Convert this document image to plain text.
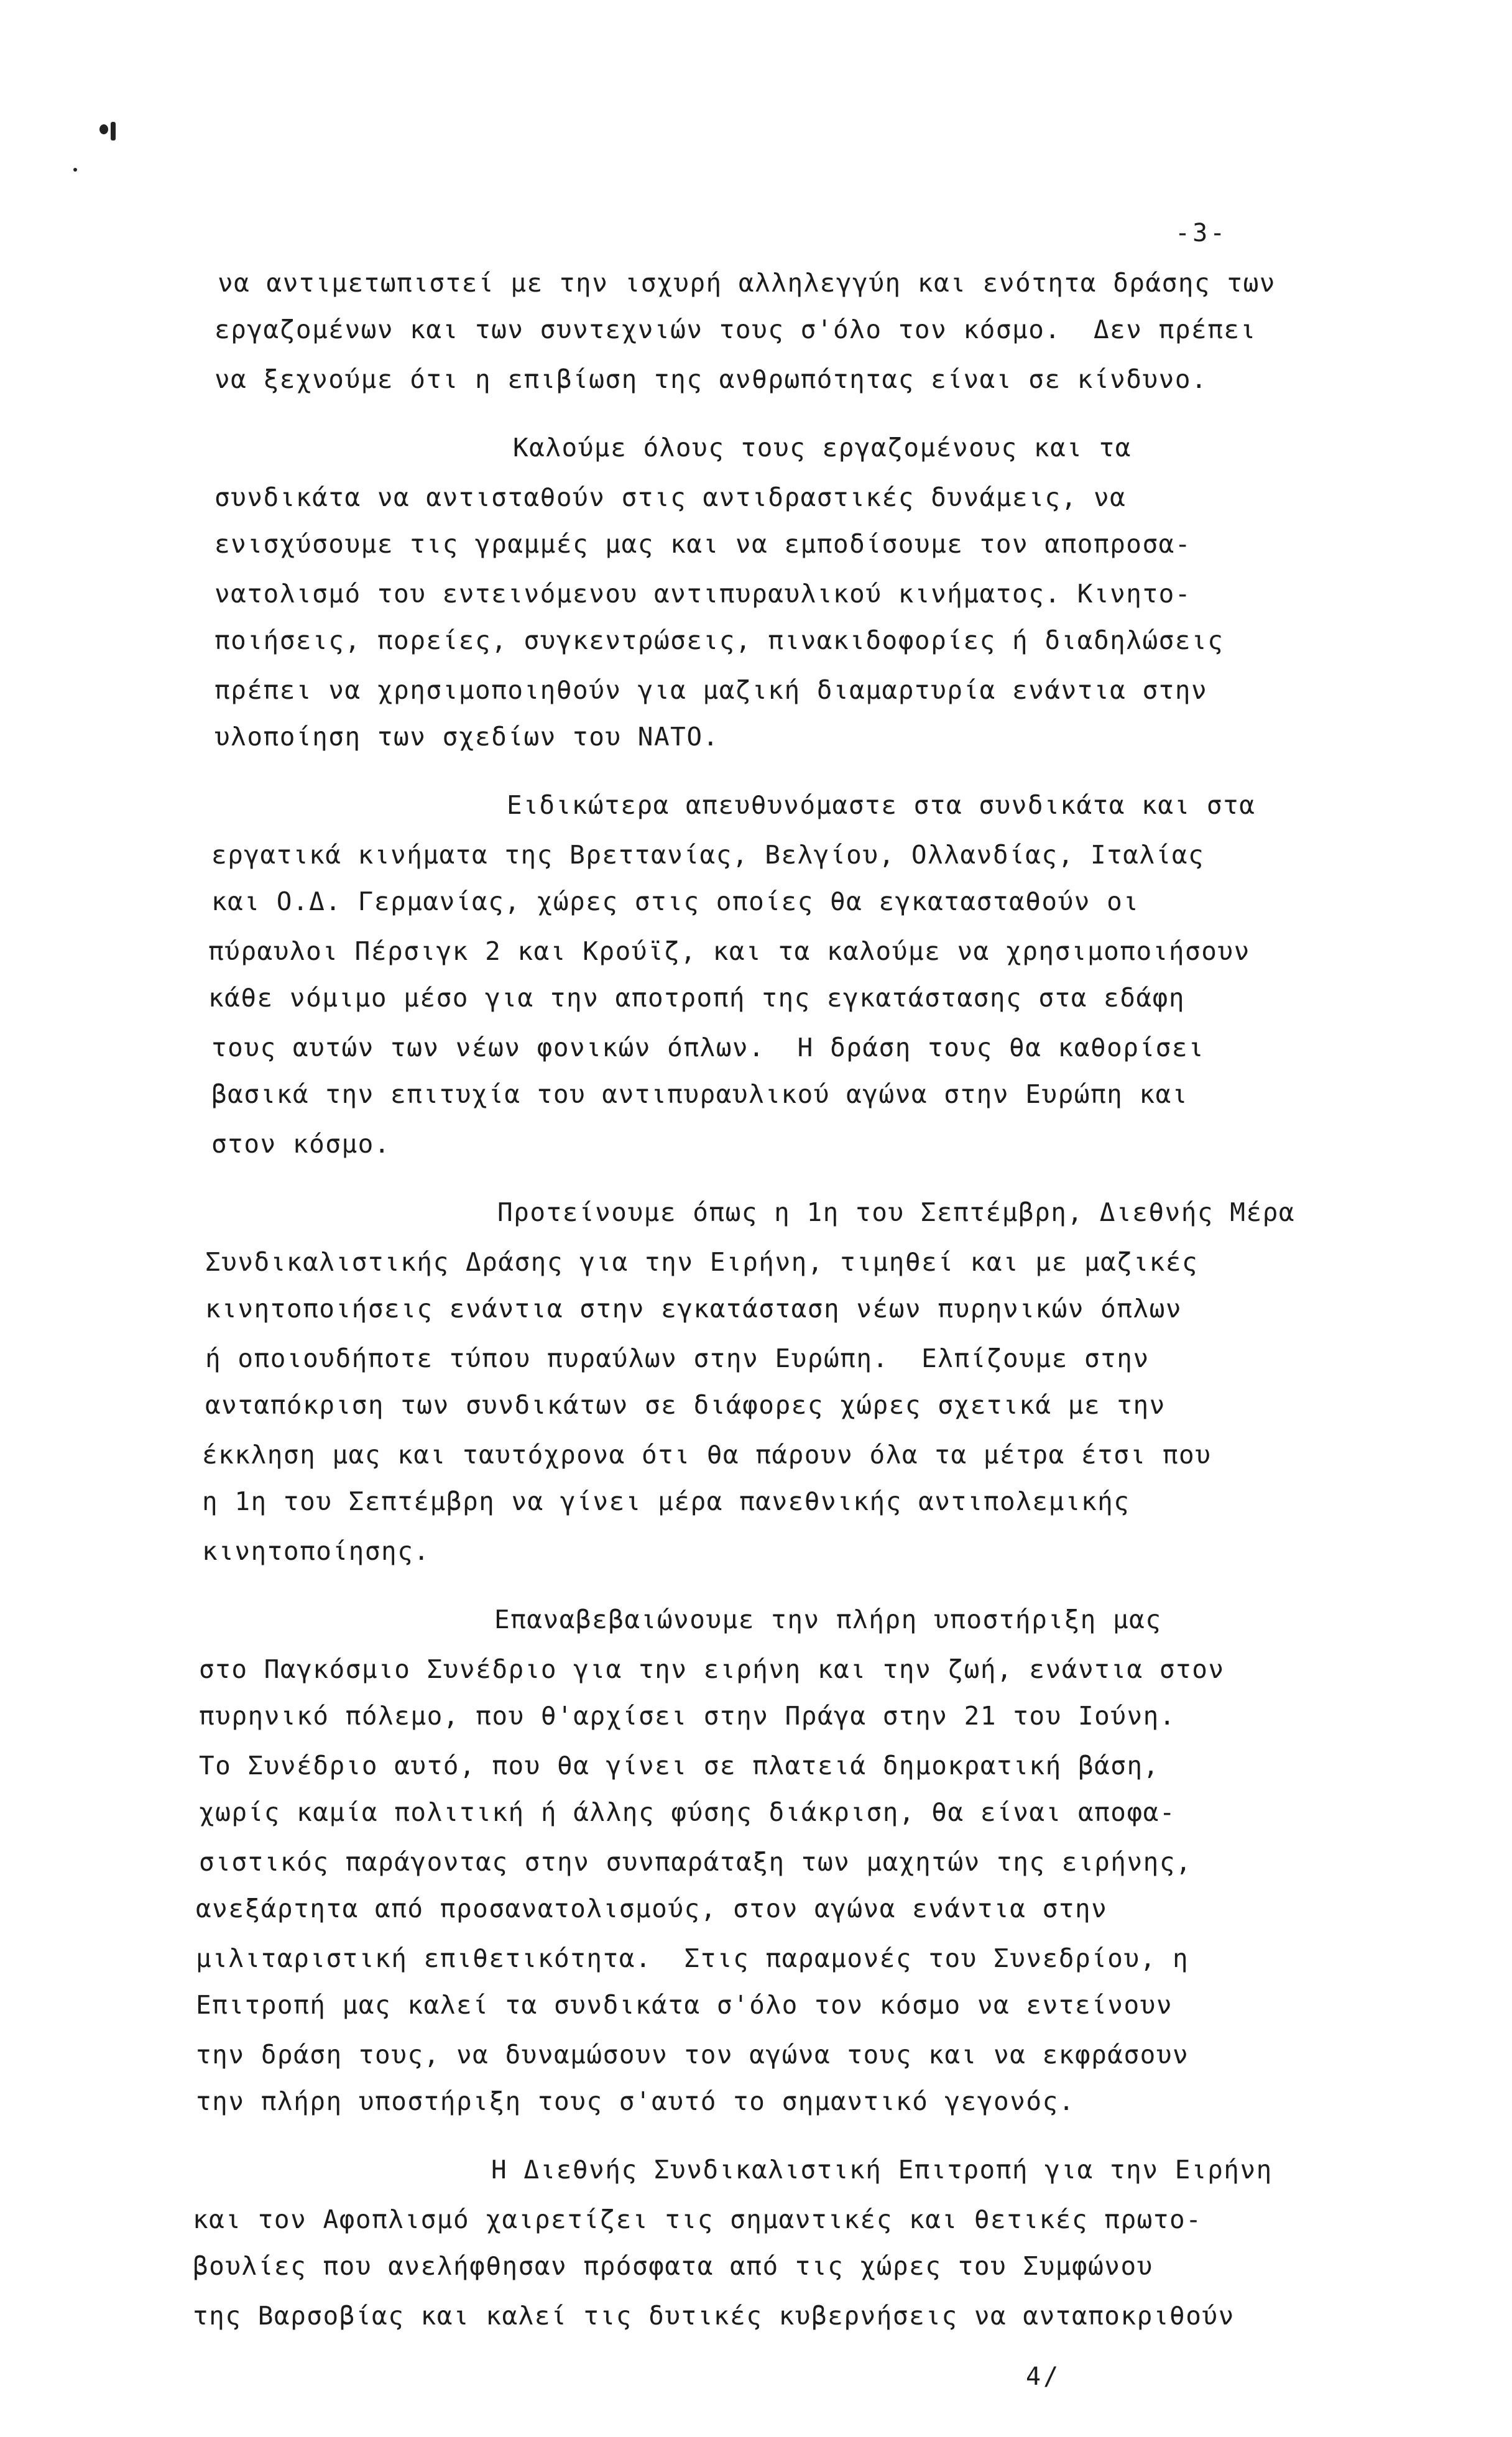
-3-
να αντιμετωπιστεί με την ισχυρή αλληλεγγύη και ενότητα δράσης των
εργαζομένων και των συντεχνιών τους σ'όλο τον κόσμο.  Δεν πρέπει
να ξεχνούμε ότι η επιβίωση της ανθρωπότητας είναι σε κίνδυνο.
Καλούμε όλους τους εργαζομένους και τα
συνδικάτα να αντισταθούν στις αντιδραστικές δυνάμεις, να
ενισχύσουμε τις γραμμές μας και να εμποδίσουμε τον αποπροσα-
νατολισμό του εντεινόμενου αντιπυραυλικού κινήματος. Κινητο-
ποιήσεις, πορείες, συγκεντρώσεις, πινακιδοφορίες ή διαδηλώσεις
πρέπει να χρησιμοποιηθούν για μαζική διαμαρτυρία ενάντια στην
υλοποίηση των σχεδίων του ΝΑΤΟ.
Ειδικώτερα απευθυνόμαστε στα συνδικάτα και στα
εργατικά κινήματα της Βρεττανίας, Βελγίου, Ολλανδίας, Ιταλίας
και Ο.Δ. Γερμανίας, χώρες στις οποίες θα εγκατασταθούν οι
πύραυλοι Πέρσιγκ 2 και Κρούϊζ, και τα καλούμε να χρησιμοποιήσουν
κάθε νόμιμο μέσο για την αποτροπή της εγκατάστασης στα εδάφη
τους αυτών των νέων φονικών όπλων.  Η δράση τους θα καθορίσει
βασικά την επιτυχία του αντιπυραυλικού αγώνα στην Ευρώπη και
στον κόσμο.
Προτείνουμε όπως η 1η του Σεπτέμβρη, Διεθνής Μέρα
Συνδικαλιστικής Δράσης για την Ειρήνη, τιμηθεί και με μαζικές
κινητοποιήσεις ενάντια στην εγκατάσταση νέων πυρηνικών όπλων
ή οποιουδήποτε τύπου πυραύλων στην Ευρώπη.  Ελπίζουμε στην
ανταπόκριση των συνδικάτων σε διάφορες χώρες σχετικά με την
έκκληση μας και ταυτόχρονα ότι θα πάρουν όλα τα μέτρα έτσι που
η 1η του Σεπτέμβρη να γίνει μέρα πανεθνικής αντιπολεμικής
κινητοποίησης.
Επαναβεβαιώνουμε την πλήρη υποστήριξη μας
στο Παγκόσμιο Συνέδριο για την ειρήνη και την ζωή, ενάντια στον
πυρηνικό πόλεμο, που θ'αρχίσει στην Πράγα στην 21 του Ιούνη.
Το Συνέδριο αυτό, που θα γίνει σε πλατειά δημοκρατική βάση,
χωρίς καμία πολιτική ή άλλης φύσης διάκριση, θα είναι αποφα-
σιστικός παράγοντας στην συνπαράταξη των μαχητών της ειρήνης,
ανεξάρτητα από προσανατολισμούς, στον αγώνα ενάντια στην
μιλιταριστική επιθετικότητα.  Στις παραμονές του Συνεδρίου, η
Επιτροπή μας καλεί τα συνδικάτα σ'όλο τον κόσμο να εντείνουν
την δράση τους, να δυναμώσουν τον αγώνα τους και να εκφράσουν
την πλήρη υποστήριξη τους σ'αυτό το σημαντικό γεγονός.
Η Διεθνής Συνδικαλιστική Επιτροπή για την Ειρήνη
και τον Αφοπλισμό χαιρετίζει τις σημαντικές και θετικές πρωτο-
βουλίες που ανελήφθησαν πρόσφατα από τις χώρες του Συμφώνου
της Βαρσοβίας και καλεί τις δυτικές κυβερνήσεις να ανταποκριθούν
4/
